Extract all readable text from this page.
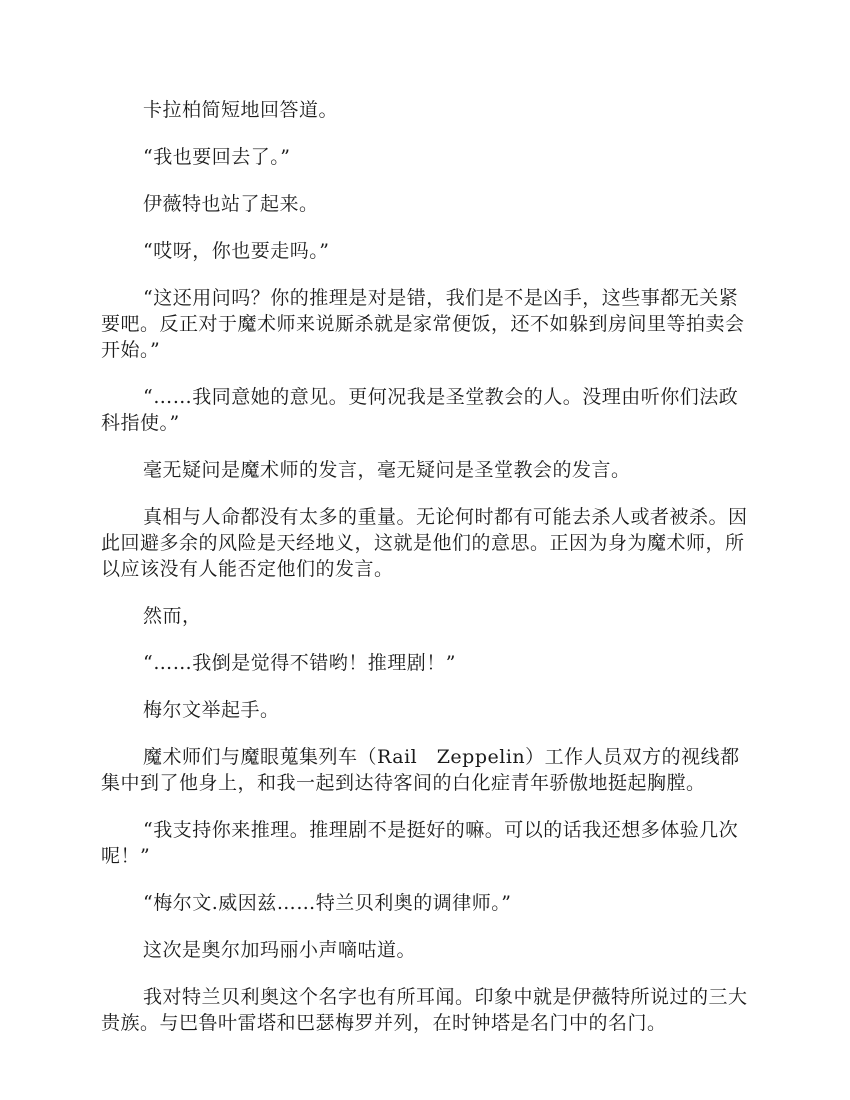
卡拉柏简短地回答道。

“我也要回去了。”

伊薇特也站了起来。

“哎呀，你也要走吗。”

“这还用问吗？你的推理是对是错，我们是不是凶手，这些事都无关紧要吧。反正对于魔术师来说厮杀就是家常便饭，还不如躲到房间里等拍卖会开始。”

“……我同意她的意见。更何况我是圣堂教会的人。没理由听你们法政科指使。”

毫无疑问是魔术师的发言，毫无疑问是圣堂教会的发言。

真相与人命都没有太多的重量。无论何时都有可能去杀人或者被杀。因此回避多余的风险是天经地义，这就是他们的意思。正因为身为魔术师，所以应该没有人能否定他们的发言。

然而，

“……我倒是觉得不错哟！推理剧！”

梅尔文举起手。

魔术师们与魔眼蒐集列车（Rail　Zeppelin）工作人员双方的视线都集中到了他身上，和我一起到达待客间的白化症青年骄傲地挺起胸膛。

“我支持你来推理。推理剧不是挺好的嘛。可以的话我还想多体验几次呢！”

“梅尔文.威因兹……特兰贝利奥的调律师。”

这次是奥尔加玛丽小声嘀咕道。

我对特兰贝利奥这个名字也有所耳闻。印象中就是伊薇特所说过的三大贵族。与巴鲁叶雷塔和巴瑟梅罗并列，在时钟塔是名门中的名门。
